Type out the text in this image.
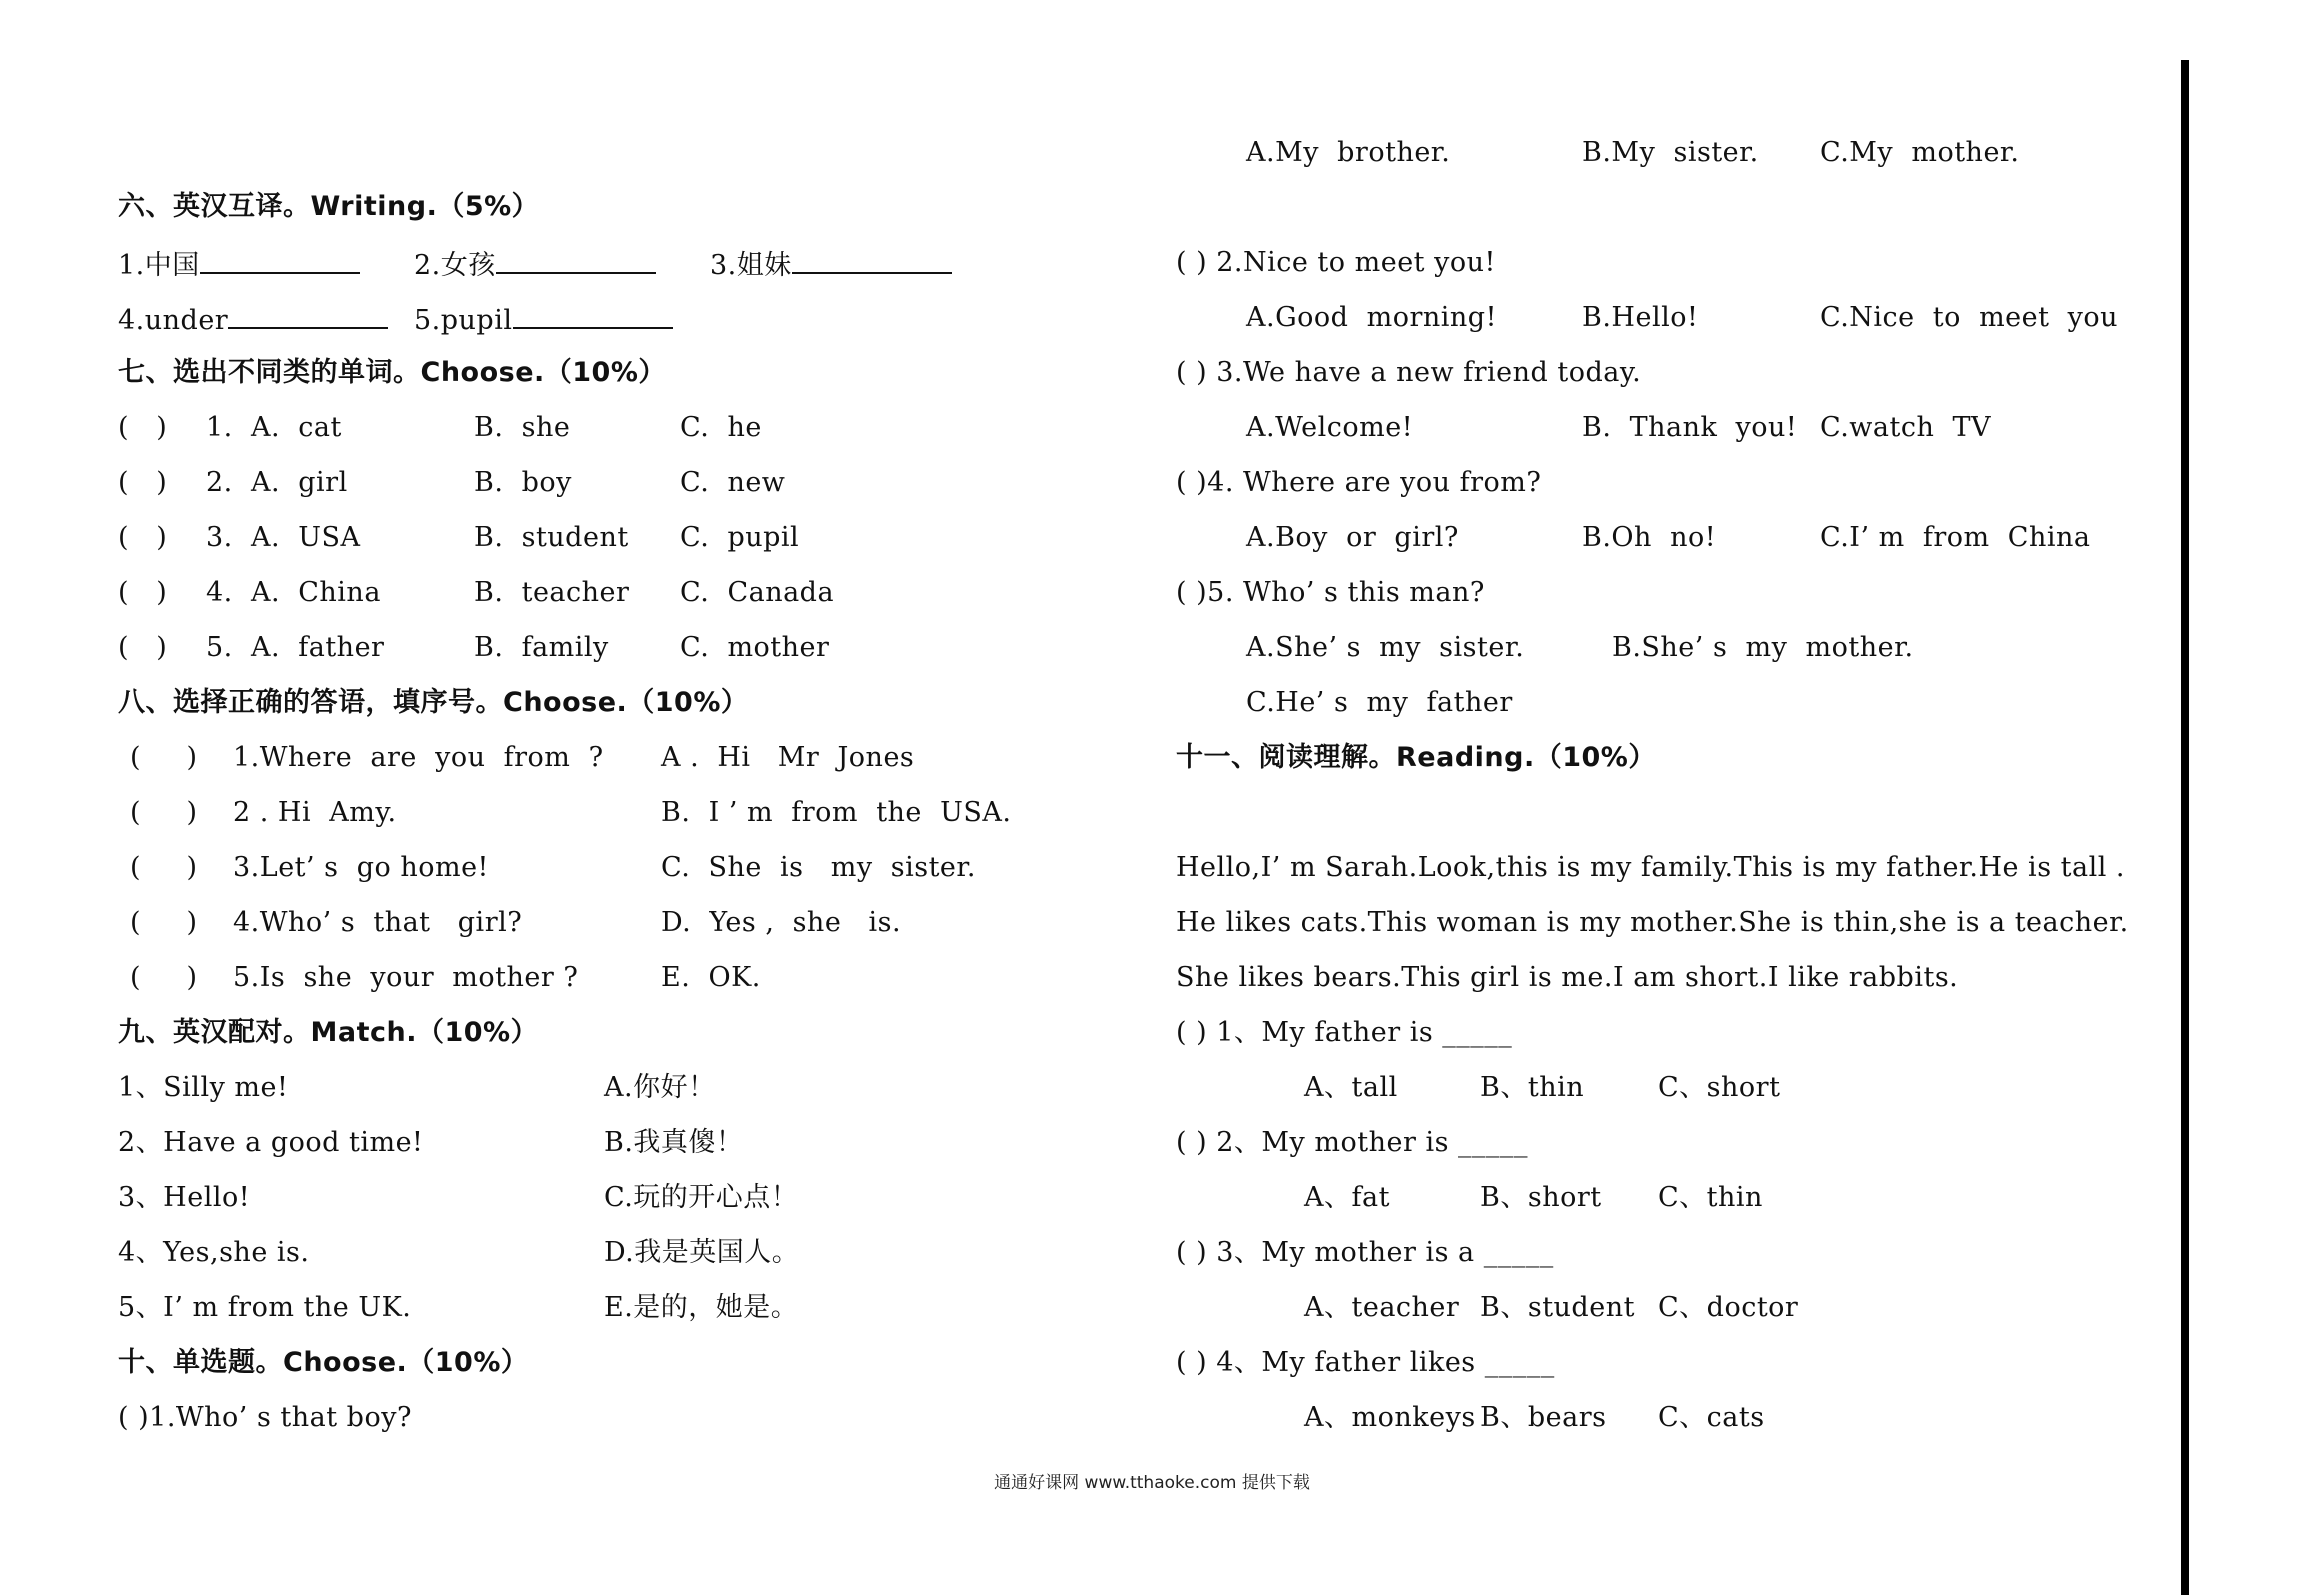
六、英汉互译。Writing.（5%）
1.中国	2.女孩	3.姐妹
4.under	5.pupil
七、选出不同类的单词。Choose.（10%）
(   ) 1. A.  cat	B.  she	C.  he
(   ) 2. A.  girl	B.  boy	C.  new
(   ) 3. A.  USA	B.  student C.  pupil
(   ) 4. A.  China	B.  teacher C.  Canada
(   ) 5. A.  father	B.  family	C.  mother
八、选择正确的答语，填序号。Choose.（10%）
(     ) 1.Where  are  you  from  ? A .  Hi   Mr  Jones
(     ) 2 . Hi  Amy.	B.  I ’ m  from  the  USA.
(     ) 3.Let’ s  go home!	C.  She  is   my  sister.
(     ) 4.Who’ s  that   girl?	D.  Yes ,  she   is.
(     ) 5.Is  she  your  mother ?	E.  OK.
九、英汉配对。Match.（10%）
1、Silly me!	A.你好！
2、Have a good time!	B.我真傻！
3、Hello!	C.玩的开心点！
4、Yes,she is.	D.我是英国人。
5、I’ m from the UK.	E.是的，她是。
十、单选题。Choose.（10%）
( )1.Who’ s that boy?
A.My  brother.	B.My  sister. C.My  mother.
( ) 2.Nice to meet you!
A.Good  morning!	B.Hello!	C.Nice  to  meet  you
( ) 3.We have a new friend today.
A.Welcome!	B.  Thank  you! C.watch  TV
( )4. Where are you from?
A.Boy  or  girl?	B.Oh  no!	C.I’ m  from  China
( )5. Who’ s this man?
A.She’ s  my  sister.	B.She’ s  my  mother.
C.He’ s  my  father
十一、阅读理解。Reading.（10%）
Hello,I’ m Sarah.Look,this is my family.This is my father.He is tall .
He likes cats.This woman is my mother.She is thin,she is a teacher.
She likes bears.This girl is me.I am short.I like rabbits.
( ) 1、My father is _____
A、tall	B、thin	C、short
( ) 2、My mother is _____
A、fat	B、short C、thin
( ) 3、My mother is a _____
A、teacher B、student C、doctor
( ) 4、My father likes _____
A、monkeys B、bears C、cats
通通好课网 www.tthaoke.com 提供下载
